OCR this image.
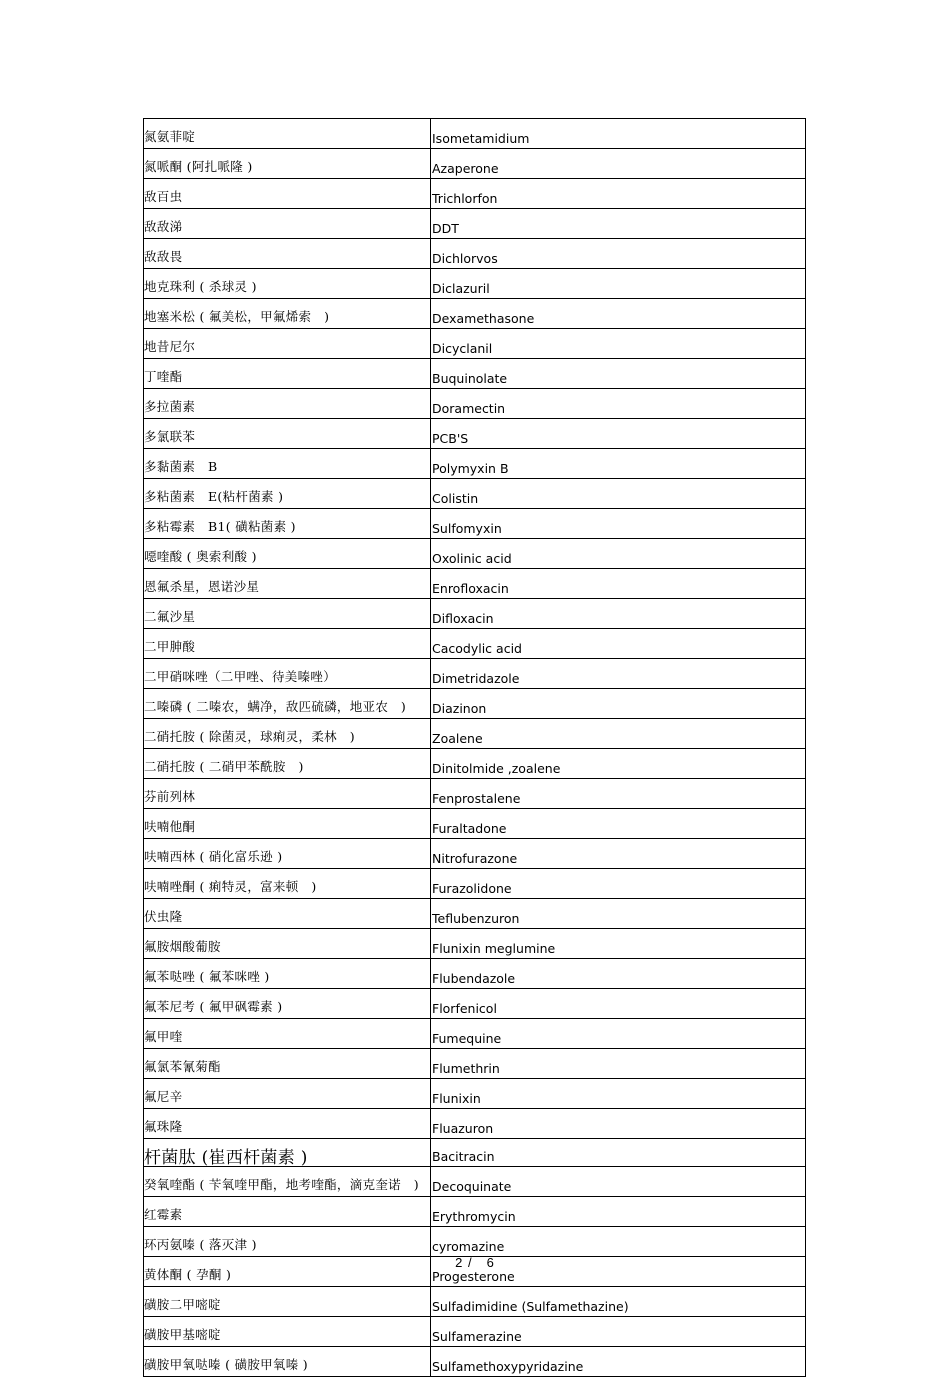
氮氨菲啶	Isometamidium
氮哌酮 (阿扎哌隆 )	Azaperone
敌百虫	Trichlorfon
敌敌涕	DDT
敌敌畏	Dichlorvos
地克珠利 ( 杀球灵 )	Diclazuril
地塞米松 ( 氟美松，甲氟烯索　)	Dexamethasone
地昔尼尔	Dicyclanil
丁喹酯	Buquinolate
多拉菌素	Doramectin
多氯联苯	PCB'S
多黏菌素　B	Polymyxin B
多粘菌素　E(粘杆菌素 )	Colistin
多粘霉素　B1( 磺粘菌素 )	Sulfomyxin
噁喹酸 ( 奥索利酸 )	Oxolinic acid
恩氟杀星，恩诺沙星	Enrofloxacin
二氟沙星	Difloxacin
二甲胂酸	Cacodylic acid
二甲硝咪唑（二甲唑、待美嗪唑）	Dimetridazole
二嗪磷 ( 二嗪农，螨净，敌匹硫磷，地亚农　)	Diazinon
二硝托胺 ( 除菌灵，球痢灵，柔林　)	Zoalene
二硝托胺 ( 二硝甲苯酰胺　)	Dinitolmide ,zoalene
芬前列林	Fenprostalene
呋喃他酮	Furaltadone
呋喃西林 ( 硝化富乐逊 )	Nitrofurazone
呋喃唑酮 ( 痢特灵，富来顿　)	Furazolidone
伏虫隆	Teflubenzuron
氟胺烟酸葡胺	Flunixin meglumine
氟苯哒唑 ( 氟苯咪唑 )	Flubendazole
氟苯尼考 ( 氟甲砜霉素 )	Florfenicol
氟甲喹	Fumequine
氟氯苯氰菊酯	Flumethrin
氟尼辛	Flunixin
氟珠隆	Fluazuron
杆菌肽 (崔西杆菌素 )	Bacitracin
癸氧喹酯 ( 苄氧喹甲酯，地考喹酯，滴克奎诺　)	Decoquinate
红霉素	Erythromycin
环丙氨嗪 ( 落灭津 )	cyromazine
黄体酮 ( 孕酮 )	Progesterone
磺胺二甲嘧啶	Sulfadimidine (Sulfamethazine)
磺胺甲基嘧啶	Sulfamerazine
磺胺甲氧哒嗪 ( 磺胺甲氧嗪 )	Sulfamethoxypyridazine
2 /　6
